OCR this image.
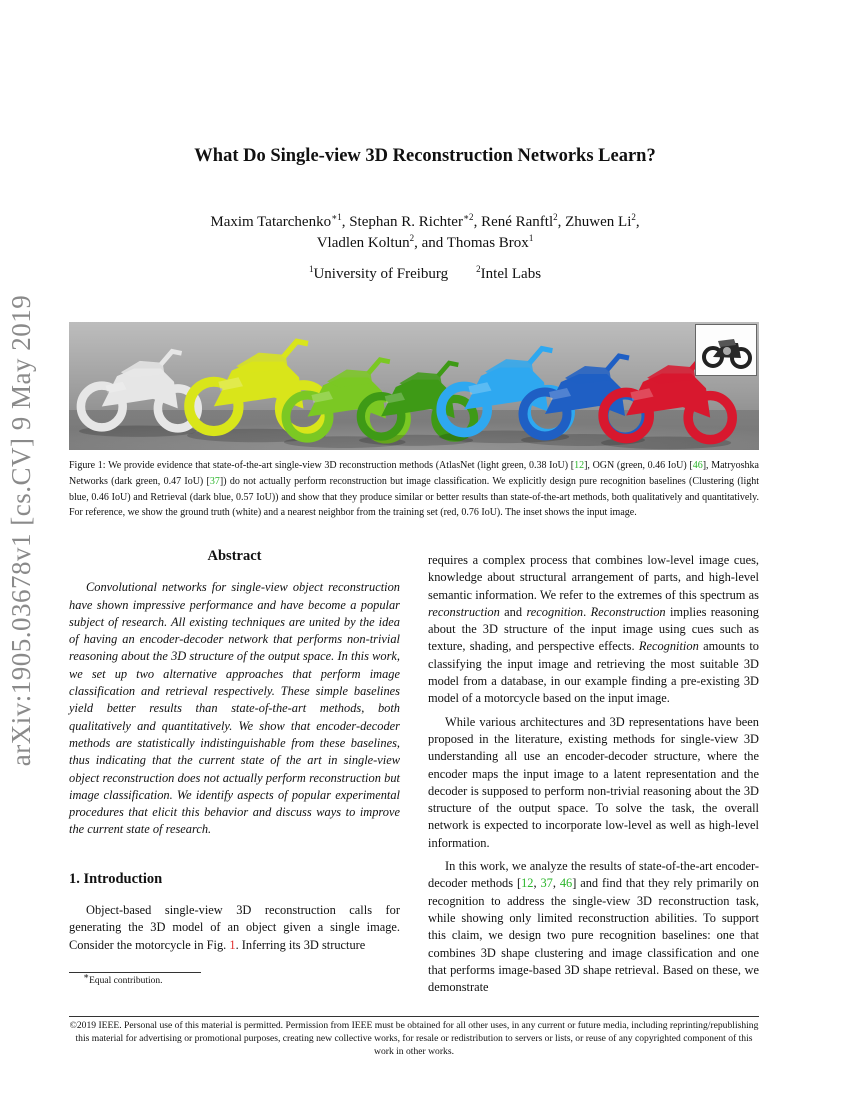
arXiv:1905.03678v1 [cs.CV] 9 May 2019
What Do Single-view 3D Reconstruction Networks Learn?
Maxim Tatarchenko$^{∗1}$, Stephan R. Richter$^{∗2}$, René Ranftl$^2$, Zhuwen Li$^2$,
Vladlen Koltun$^2$, and Thomas Brox$^1$
$^1$University of Freiburg	$^2$Intel Labs
Figure 1: We provide evidence that state-of-the-art single-view 3D reconstruction methods (AtlasNet (light green, 0.38 IoU) [12], OGN (green, 0.46 IoU) [46], Matryoshka Networks (dark green, 0.47 IoU) [37]) do not actually perform reconstruction but image classification. We explicitly design pure recognition baselines (Clustering (light blue, 0.46 IoU) and Retrieval (dark blue, 0.57 IoU)) and show that they produce similar or better results than state-of-the-art methods, both qualitatively and quantitatively. For reference, we show the ground truth (white) and a nearest neighbor from the training set (red, 0.76 IoU). The inset shows the input image.

Abstract

Convolutional networks for single-view object reconstruction have shown impressive performance and have become a popular subject of research. All existing techniques are united by the idea of having an encoder-decoder network that performs non-trivial reasoning about the 3D structure of the output space. In this work, we set up two alternative approaches that perform image classification and retrieval respectively. These simple baselines yield better results than state-of-the-art methods, both qualitatively and quantitatively. We show that encoder-decoder methods are statistically indistinguishable from these baselines, thus indicating that the current state of the art in single-view object reconstruction does not actually perform reconstruction but image classification. We identify aspects of popular experimental procedures that elicit this behavior and discuss ways to improve the current state of research.

1. Introduction

Object-based single-view 3D reconstruction calls for generating the 3D model of an object given a single image. Consider the motorcycle in Fig. 1. Inferring its 3D structure

∗Equal contribution.

requires a complex process that combines low-level image cues, knowledge about structural arrangement of parts, and high-level semantic information. We refer to the extremes of this spectrum as reconstruction and recognition. Reconstruction implies reasoning about the 3D structure of the input image using cues such as texture, shading, and perspective effects. Recognition amounts to classifying the input image and retrieving the most suitable 3D model from a database, in our example finding a pre-existing 3D model of a motorcycle based on the input image.

While various architectures and 3D representations have been proposed in the literature, existing methods for single-view 3D understanding all use an encoder-decoder structure, where the encoder maps the input image to a latent representation and the decoder is supposed to perform non-trivial reasoning about the 3D structure of the output space. To solve the task, the overall network is expected to incorporate low-level as well as high-level information.

In this work, we analyze the results of state-of-the-art encoder-decoder methods [12, 37, 46] and find that they rely primarily on recognition to address the single-view 3D reconstruction task, while showing only limited reconstruction abilities. To support this claim, we design two pure recognition baselines: one that combines 3D shape clustering and image classification and one that performs image-based 3D shape retrieval. Based on these, we demonstrate

©2019 IEEE. Personal use of this material is permitted. Permission from IEEE must be obtained for all other uses, in any current or future media, including reprinting/republishing this material for advertising or promotional purposes, creating new collective works, for resale or redistribution to servers or lists, or reuse of any copyrighted component of this work in other works.
